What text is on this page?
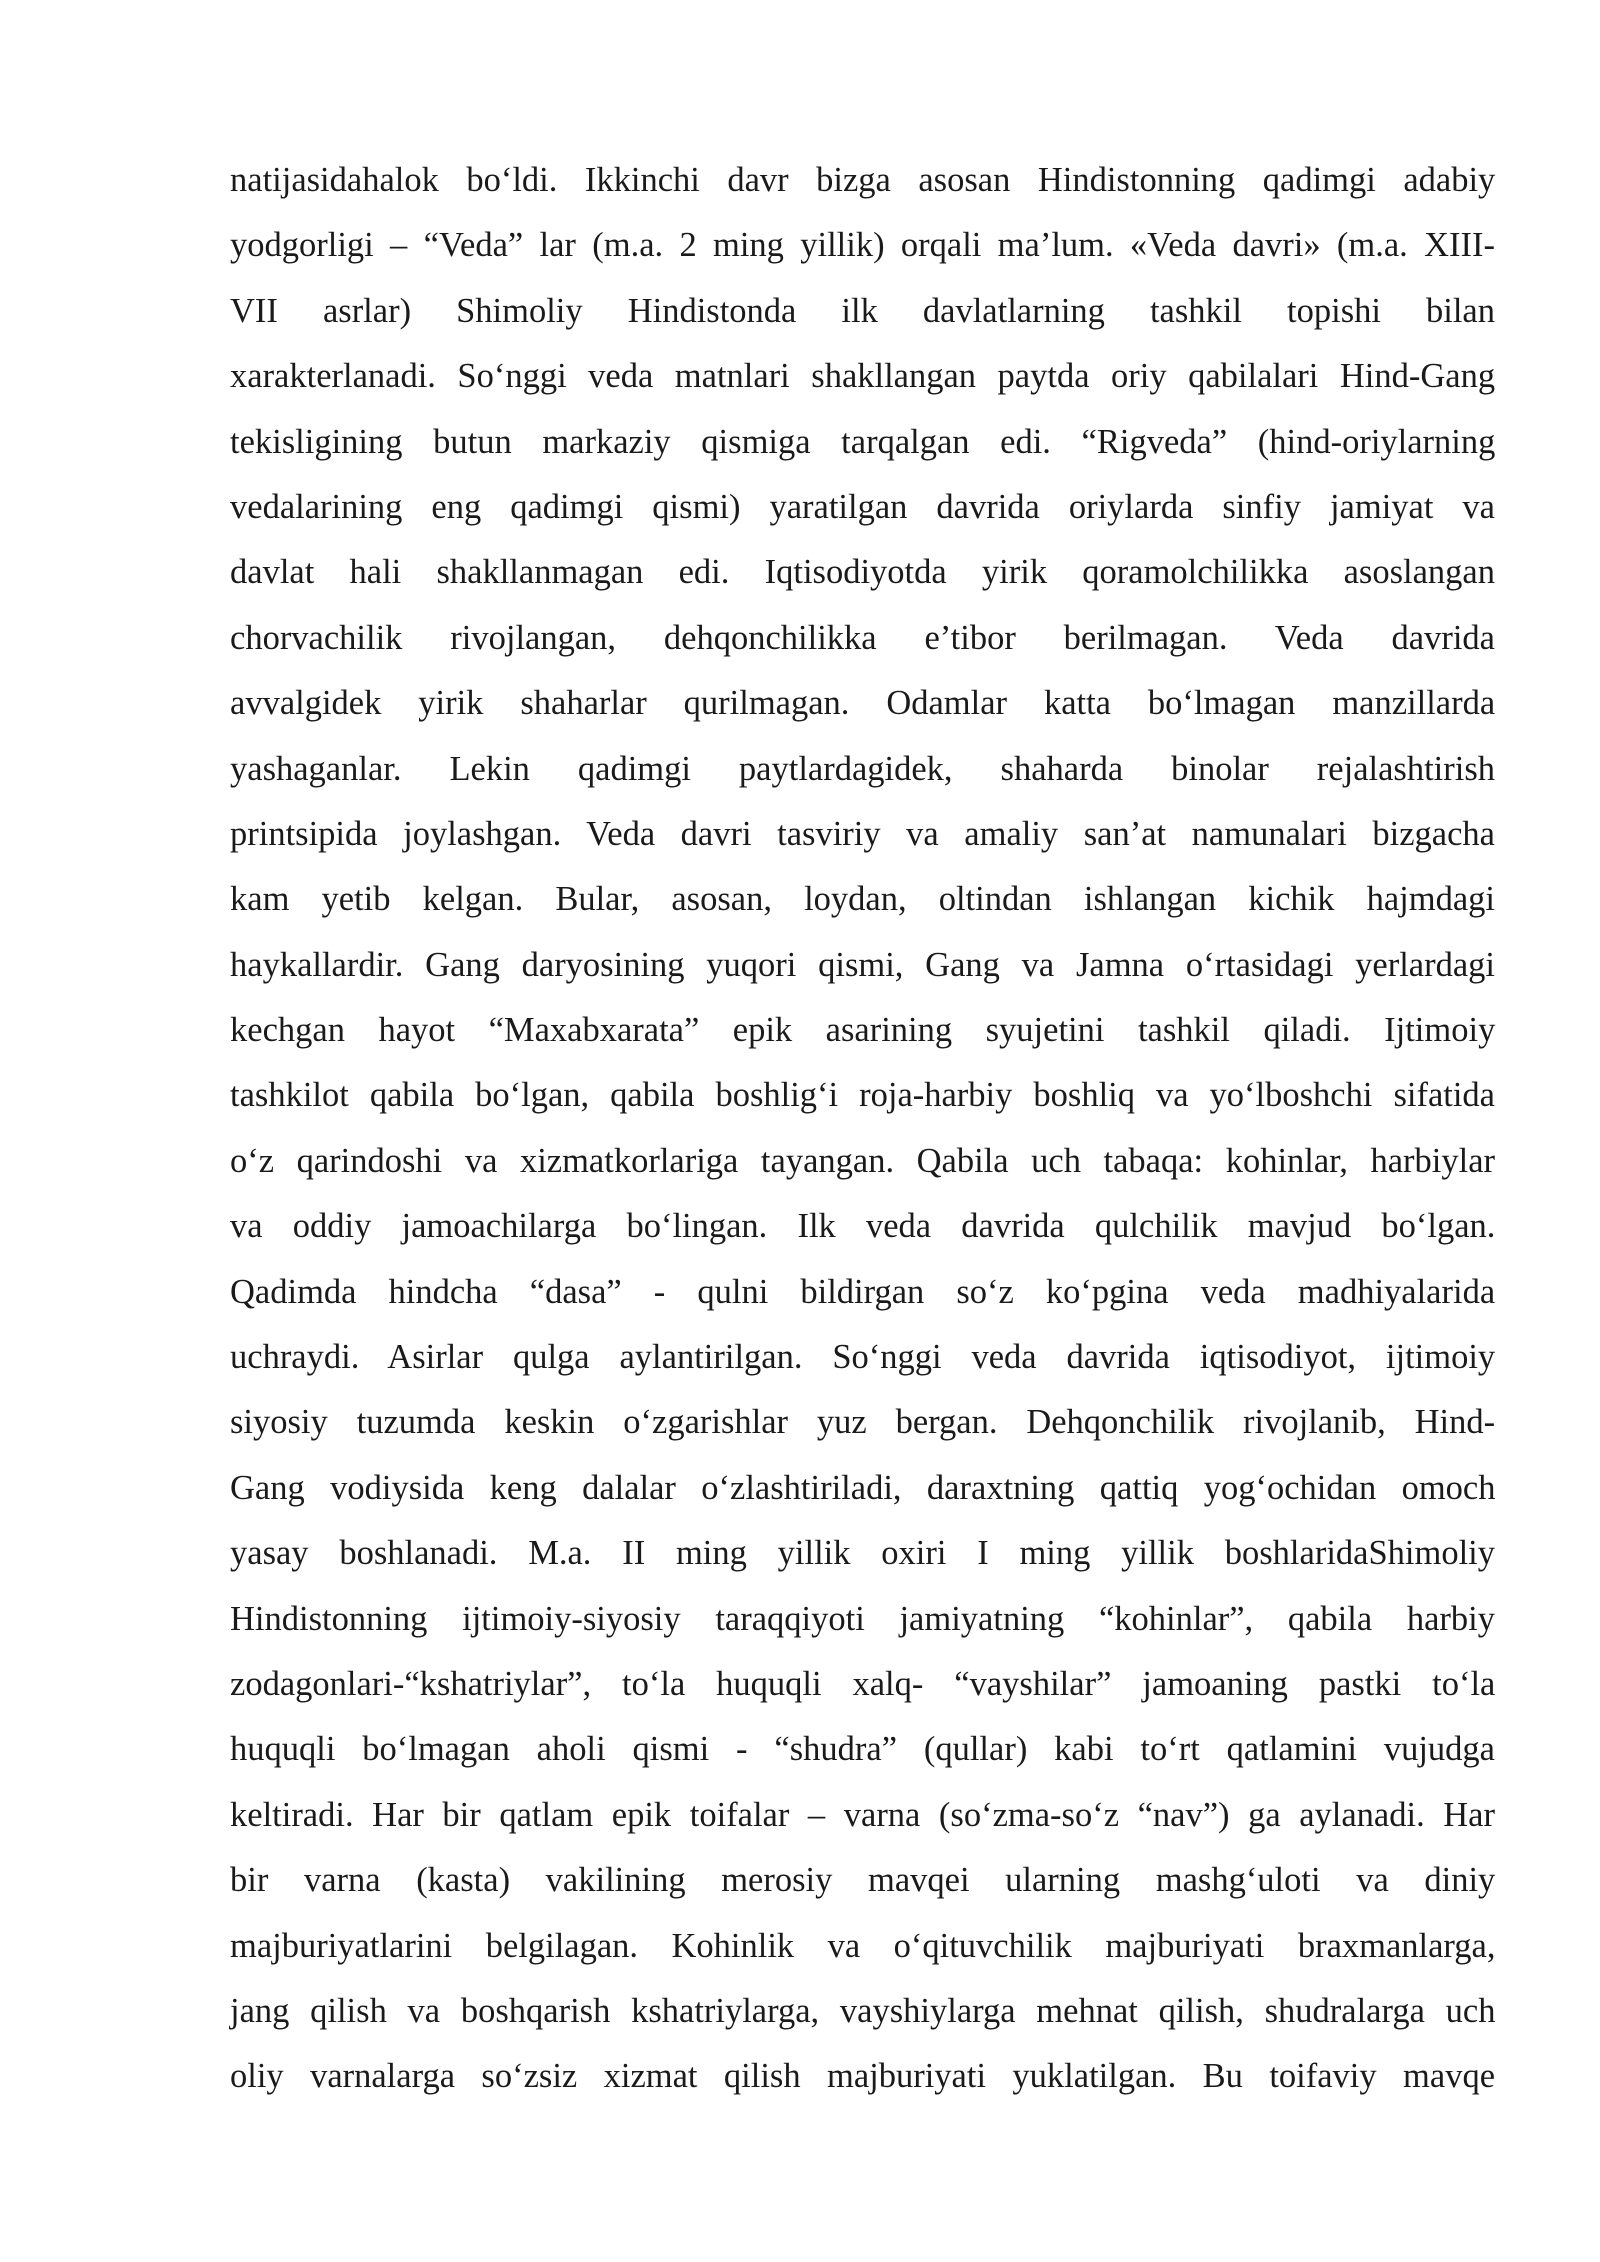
natijasidahalok bo‘ldi. Ikkinchi davr bizga asosan Hindistonning qadimgi adabiy
yodgorligi – “Veda” lar (m.a. 2 ming yillik) orqali ma’lum. «Veda davri» (m.a. XIII-
VII asrlar) Shimoliy Hindistonda ilk davlatlarning tashkil topishi bilan
xarakterlanadi. So‘nggi veda matnlari shakllangan paytda oriy qabilalari Hind-Gang
tekisligining butun markaziy qismiga tarqalgan edi. “Rigveda” (hind-oriylarning
vedalarining eng qadimgi qismi) yaratilgan davrida oriylarda sinfiy jamiyat va
davlat hali shakllanmagan edi. Iqtisodiyotda yirik qoramolchilikka asoslangan
chorvachilik rivojlangan, dehqonchilikka e’tibor berilmagan. Veda davrida
avvalgidek yirik shaharlar qurilmagan. Odamlar katta bo‘lmagan manzillarda
yashaganlar. Lekin qadimgi paytlardagidek, shaharda binolar rejalashtirish
printsipida joylashgan. Veda davri tasviriy va amaliy san’at namunalari bizgacha
kam yetib kelgan. Bular, asosan, loydan, oltindan ishlangan kichik hajmdagi
haykallardir. Gang daryosining yuqori qismi, Gang va Jamna o‘rtasidagi yerlardagi
kechgan hayot “Maxabxarata” epik asarining syujetini tashkil qiladi. Ijtimoiy
tashkilot qabila bo‘lgan, qabila boshlig‘i roja-harbiy boshliq va yo‘lboshchi sifatida
o‘z qarindoshi va xizmatkorlariga tayangan. Qabila uch tabaqa: kohinlar, harbiylar
va oddiy jamoachilarga bo‘lingan. Ilk veda davrida qulchilik mavjud bo‘lgan.
Qadimda hindcha “dasa” - qulni bildirgan so‘z ko‘pgina veda madhiyalarida
uchraydi. Asirlar qulga aylantirilgan. So‘nggi veda davrida iqtisodiyot, ijtimoiy
siyosiy tuzumda keskin o‘zgarishlar yuz bergan. Dehqonchilik rivojlanib, Hind-
Gang vodiysida keng dalalar o‘zlashtiriladi, daraxtning qattiq yog‘ochidan omoch
yasay boshlanadi. M.a. II ming yillik oxiri I ming yillik boshlaridaShimoliy
Hindistonning ijtimoiy-siyosiy taraqqiyoti jamiyatning “kohinlar”, qabila harbiy
zodagonlari-“kshatriylar”, to‘la huquqli xalq- “vayshilar” jamoaning pastki to‘la
huquqli bo‘lmagan aholi qismi - “shudra” (qullar) kabi to‘rt qatlamini vujudga
keltiradi. Har bir qatlam epik toifalar – varna (so‘zma-so‘z “nav”) ga aylanadi. Har
bir varna (kasta) vakilining merosiy mavqei ularning mashg‘uloti va diniy
majburiyatlarini belgilagan. Kohinlik va o‘qituvchilik majburiyati braxmanlarga,
jang qilish va boshqarish kshatriylarga, vayshiylarga mehnat qilish, shudralarga uch
oliy varnalarga so‘zsiz xizmat qilish majburiyati yuklatilgan. Bu toifaviy mavqe
